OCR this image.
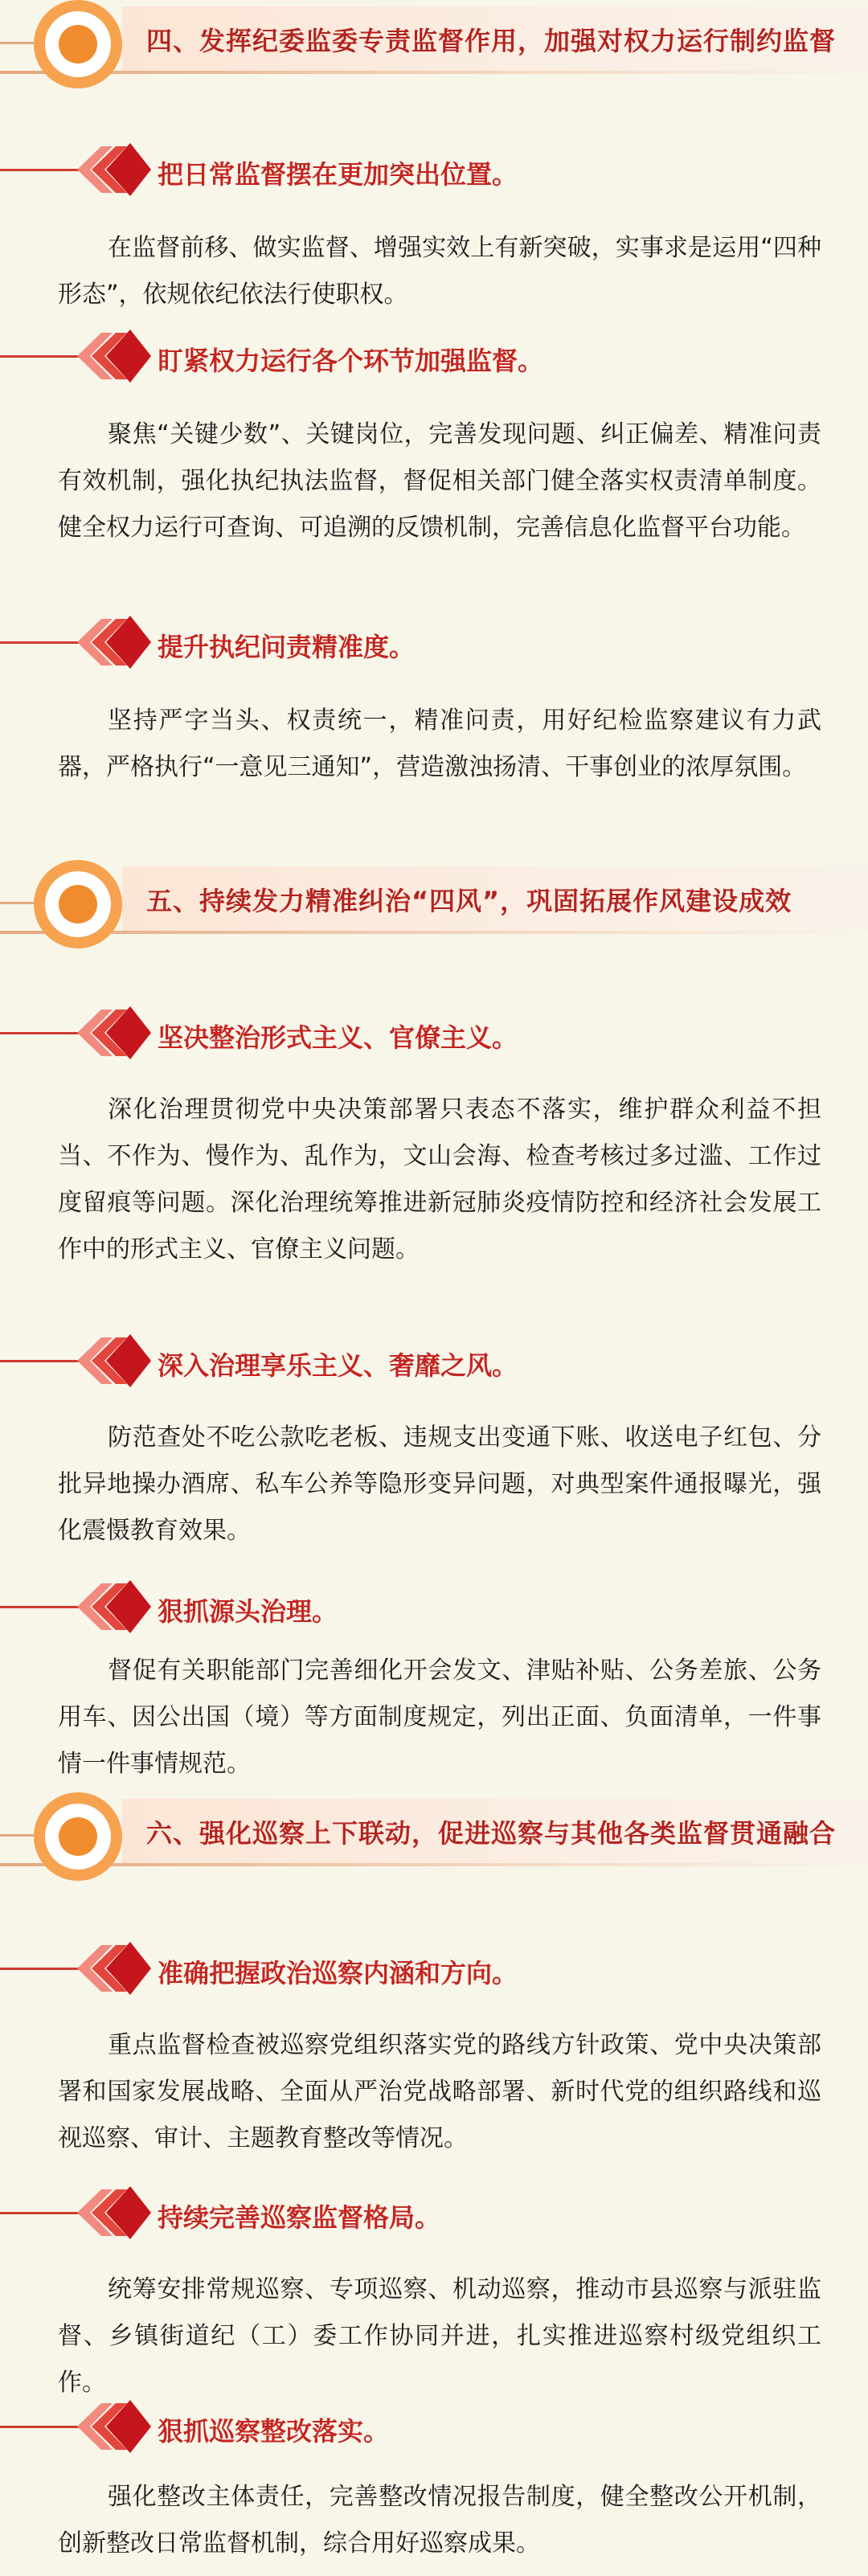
四、发挥纪委监委专责监督作用，加强对权力运行制约监督
把日常监督摆在更加突出位置。
在监督前移、做实监督、增强实效上有新突破，实事求是运用“四种形态”，依规依纪依法行使职权。
盯紧权力运行各个环节加强监督。
聚焦“关键少数”、关键岗位，完善发现问题、纠正偏差、精准问责有效机制，强化执纪执法监督，督促相关部门健全落实权责清单制度。健全权力运行可查询、可追溯的反馈机制，完善信息化监督平台功能。
提升执纪问责精准度。
坚持严字当头、权责统一，精准问责，用好纪检监察建议有力武器，严格执行“一意见三通知”，营造激浊扬清、干事创业的浓厚氛围。
五、持续发力精准纠治“四风”，巩固拓展作风建设成效
坚决整治形式主义、官僚主义。
深化治理贯彻党中央决策部署只表态不落实，维护群众利益不担当、不作为、慢作为、乱作为，文山会海、检查考核过多过滥、工作过度留痕等问题。深化治理统筹推进新冠肺炎疫情防控和经济社会发展工作中的形式主义、官僚主义问题。
深入治理享乐主义、奢靡之风。
防范查处不吃公款吃老板、违规支出变通下账、收送电子红包、分批异地操办酒席、私车公养等隐形变异问题，对典型案件通报曝光，强化震慑教育效果。
狠抓源头治理。
督促有关职能部门完善细化开会发文、津贴补贴、公务差旅、公务用车、因公出国（境）等方面制度规定，列出正面、负面清单，一件事情一件事情规范。
六、强化巡察上下联动，促进巡察与其他各类监督贯通融合
准确把握政治巡察内涵和方向。
重点监督检查被巡察党组织落实党的路线方针政策、党中央决策部署和国家发展战略、全面从严治党战略部署、新时代党的组织路线和巡视巡察、审计、主题教育整改等情况。
持续完善巡察监督格局。
统筹安排常规巡察、专项巡察、机动巡察，推动市县巡察与派驻监督、乡镇街道纪（工）委工作协同并进，扎实推进巡察村级党组织工作。
狠抓巡察整改落实。
强化整改主体责任，完善整改情况报告制度，健全整改公开机制，创新整改日常监督机制，综合用好巡察成果。
